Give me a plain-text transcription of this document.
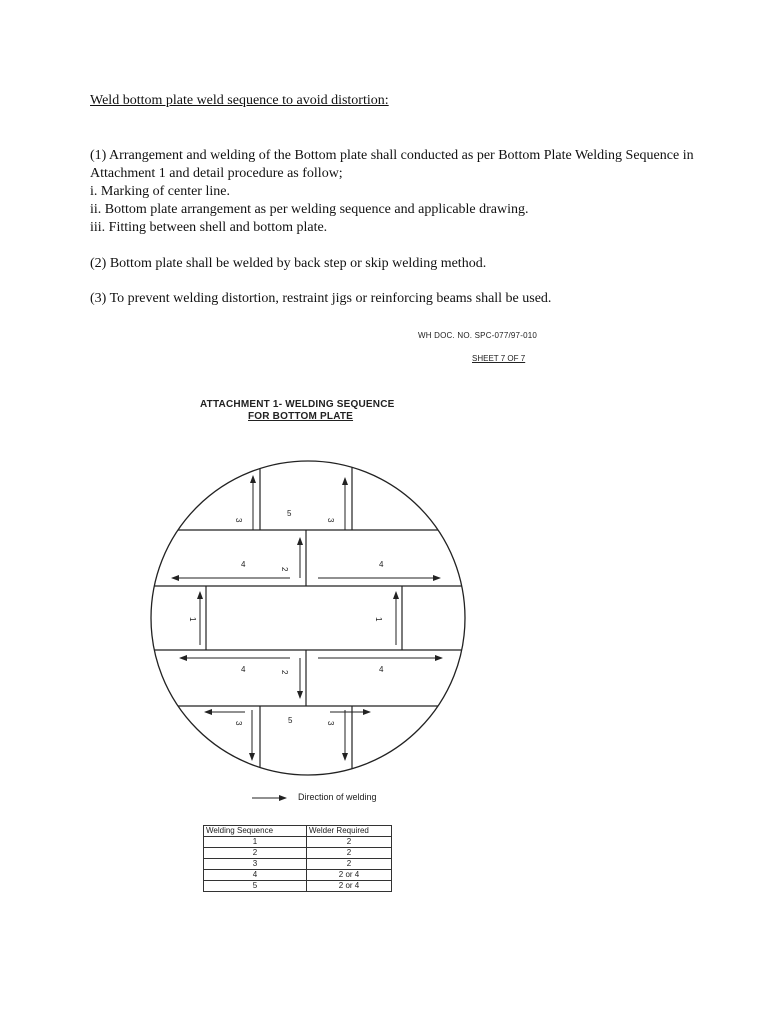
Weld bottom plate weld sequence to avoid distortion:
(1) Arrangement and welding of the Bottom plate shall conducted as per Bottom Plate Welding Sequence in Attachment 1 and detail procedure as follow;
i. Marking of center line.
ii. Bottom plate arrangement as per welding sequence and applicable drawing.
iii. Fitting between shell and bottom plate.
(2) Bottom plate shall be welded by back step or skip welding method.
(3) To prevent welding distortion, restraint jigs or reinforcing beams shall be used.
WH DOC. NO. SPC-077/97-010
SHEET 7 OF 7
ATTACHMENT 1- WELDING SEQUENCE
FOR BOTTOM PLATE
3
5
3
4
2
4
1	1
4	2	4
3	5	3
Direction of welding
Welding Sequence	Welder Required
1	2
2	2
3	2
4	2 or 4
5	2 or 4
